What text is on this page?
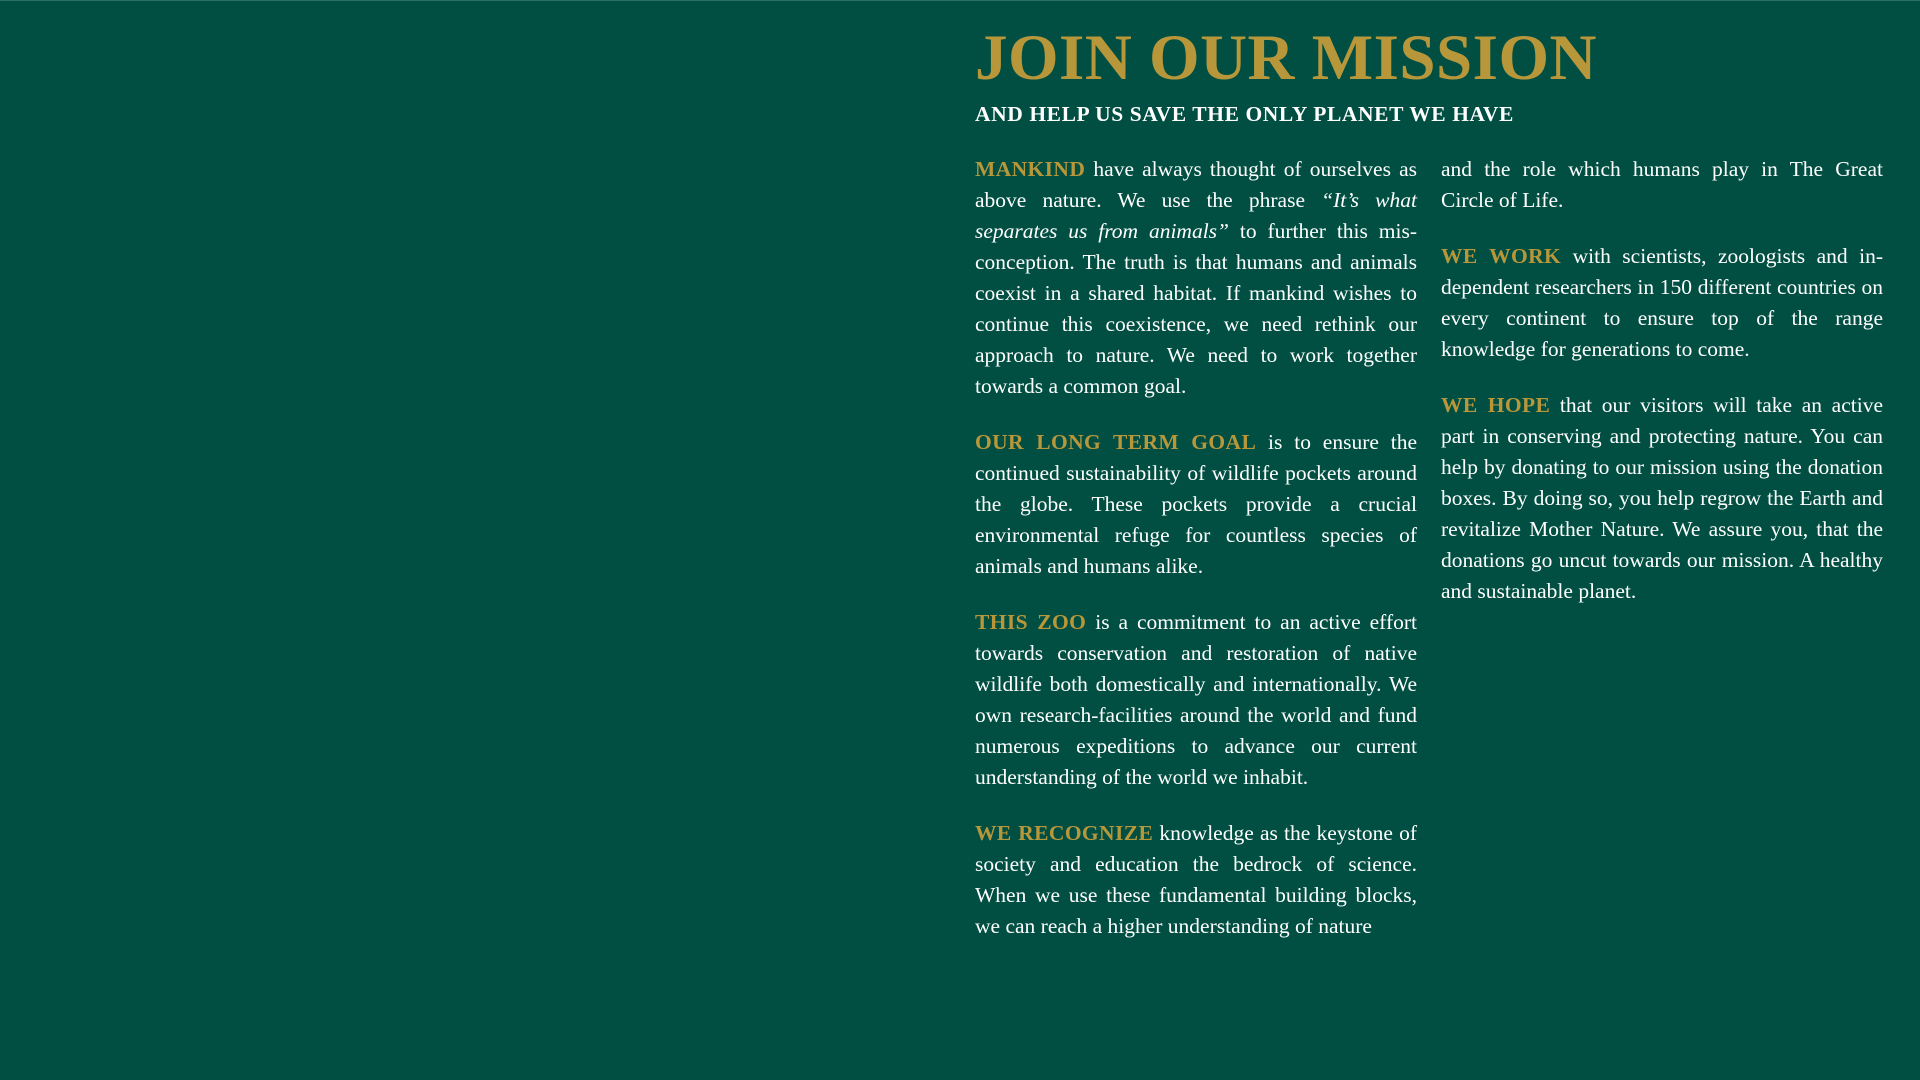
JOIN OUR MISSION
AND HELP US SAVE THE ONLY PLANET WE HAVE

MANKIND have always thought of ourselves as above nature. We use the phrase “It’s what separates us from animals” to further this misconception. The truth is that humans and animals coexist in a shared habitat. If mankind wishes to continue this coexistence, we need rethink our approach to nature. We need to work together towards a common goal.

OUR LONG TERM GOAL is to ensure the continued sustainability of wildlife pockets around the globe. These pockets provide a crucial environmental refuge for countless species of animals and humans alike.

THIS ZOO is a commitment to an active effort towards conservation and restoration of native wildlife both domestically and internationally. We own research-facilities around the world and fund numerous expeditions to advance our current understanding of the world we inhabit.

WE RECOGNIZE knowledge as the keystone of society and education the bedrock of science. When we use these fundamental building blocks, we can reach a higher understanding of nature

and the role which humans play in The Great Circle of Life.

WE WORK with scientists, zoologists and independent researchers in 150 different countries on every continent to ensure top of the range knowledge for generations to come.

WE HOPE that our visitors will take an active part in conserving and protecting nature. You can help by donating to our mission using the donation boxes. By doing so, you help regrow the Earth and revitalize Mother Nature. We assure you, that the donations go uncut towards our mission. A healthy and sustainable planet.
